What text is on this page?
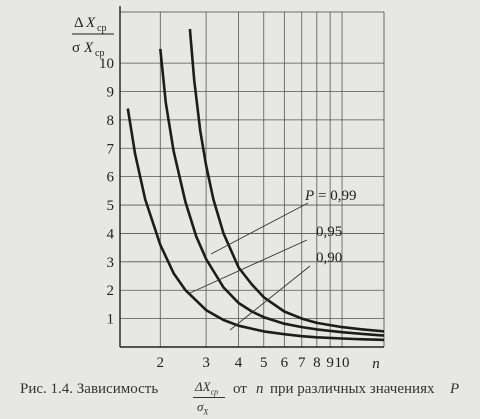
1
2
3
4
5
6
7
8
9
10
2	3 4 5 6 7 8 9 10 n
Δ X ср
σ X ср
P = 0,99
0,95
0,90
Рис. 1.4. Зависимость	$\Delta X_{ср}$
$\sigma_X$
от n при различных значениях P
